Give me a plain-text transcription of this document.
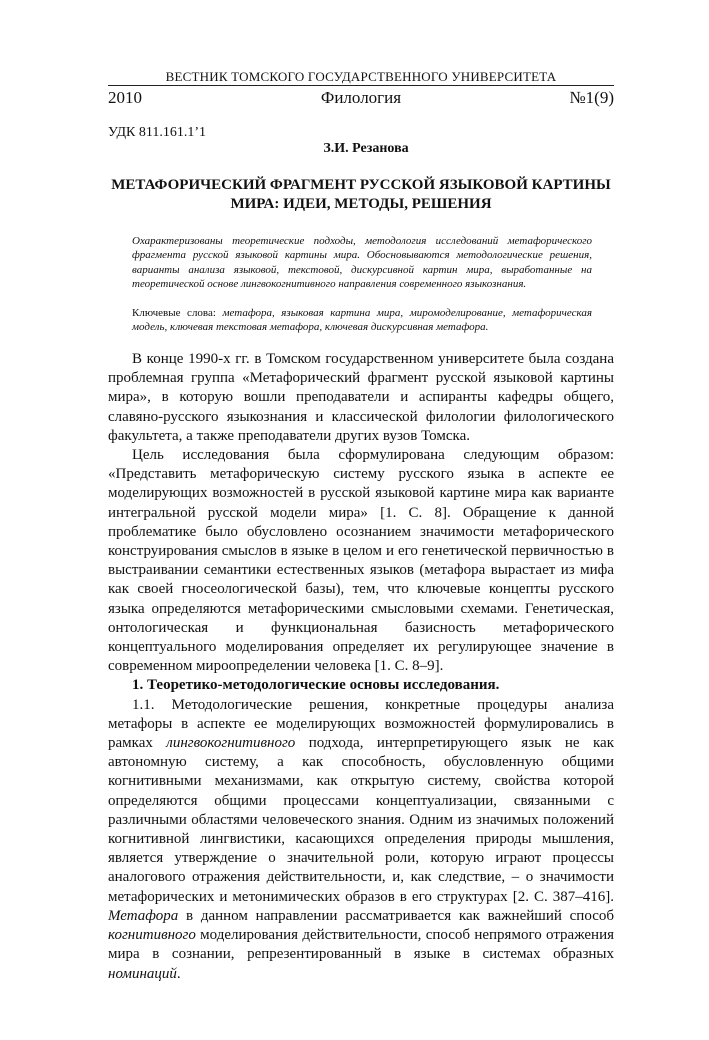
ВЕСТНИК ТОМСКОГО ГОСУДАРСТВЕННОГО УНИВЕРСИТЕТА
Филология
2010	№1(9)
УДК 811.161.1’1
З.И. Резанова
МЕТАФОРИЧЕСКИЙ ФРАГМЕНТ РУССКОЙ ЯЗЫКОВОЙ КАРТИНЫ МИРА: ИДЕИ, МЕТОДЫ, РЕШЕНИЯ
Охарактеризованы теоретические подходы, методология исследований метафорического фрагмента русской языковой картины мира. Обосновываются методологические решения, варианты анализа языковой, текстовой, дискурсивной картин мира, выработанные на теоретической основе лингвокогнитивного направления современного языкознания.
Ключевые слова: метафора, языковая картина мира, миромоделирование, метафорическая модель, ключевая текстовая метафора, ключевая дискурсивная метафора.

В конце 1990-х гг. в Томском государственном университете была создана проблемная группа «Метафорический фрагмент русской языковой картины мира», в которую вошли преподаватели и аспиранты кафедры общего, славяно-русского языкознания и классической филологии филологического факультета, а также преподаватели других вузов Томска.

Цель исследования была сформулирована следующим образом: «Представить метафорическую систему русского языка в аспекте ее моделирующих возможностей в русской языковой картине мира как варианте интегральной русской модели мира» [1. С. 8]. Обращение к данной проблематике было обусловлено осознанием значимости метафорического конструирования смыслов в языке в целом и его генетической первичностью в выстраивании семантики естественных языков (метафора вырастает из мифа как своей гносеологической базы), тем, что ключевые концепты русского языка определяются метафорическими смысловыми схемами. Генетическая, онтологическая и функциональная базисность метафорического концептуального моделирования определяет их регулирующее значение в современном мироопределении человека [1. С. 8–9].

1. Теоретико-методологические основы исследования.

1.1. Методологические решения, конкретные процедуры анализа метафоры в аспекте ее моделирующих возможностей формулировались в рамках лингвокогнитивного подхода, интерпретирующего язык не как автономную систему, а как способность, обусловленную общими когнитивными механизмами, как открытую систему, свойства которой определяются общими процессами концептуализации, связанными с различными областями человеческого знания. Одним из значимых положений когнитивной лингвистики, касающихся определения природы мышления, является утверждение о значительной роли, которую играют процессы аналогового отражения действительности, и, как следствие, – о значимости метафорических и метонимических образов в его структурах [2. С. 387–416]. Метафора в данном направлении рассматривается как важнейший способ когнитивного моделирования действительности, способ непрямого отражения мира в сознании, репрезентированный в языке в системах образных номинаций.
